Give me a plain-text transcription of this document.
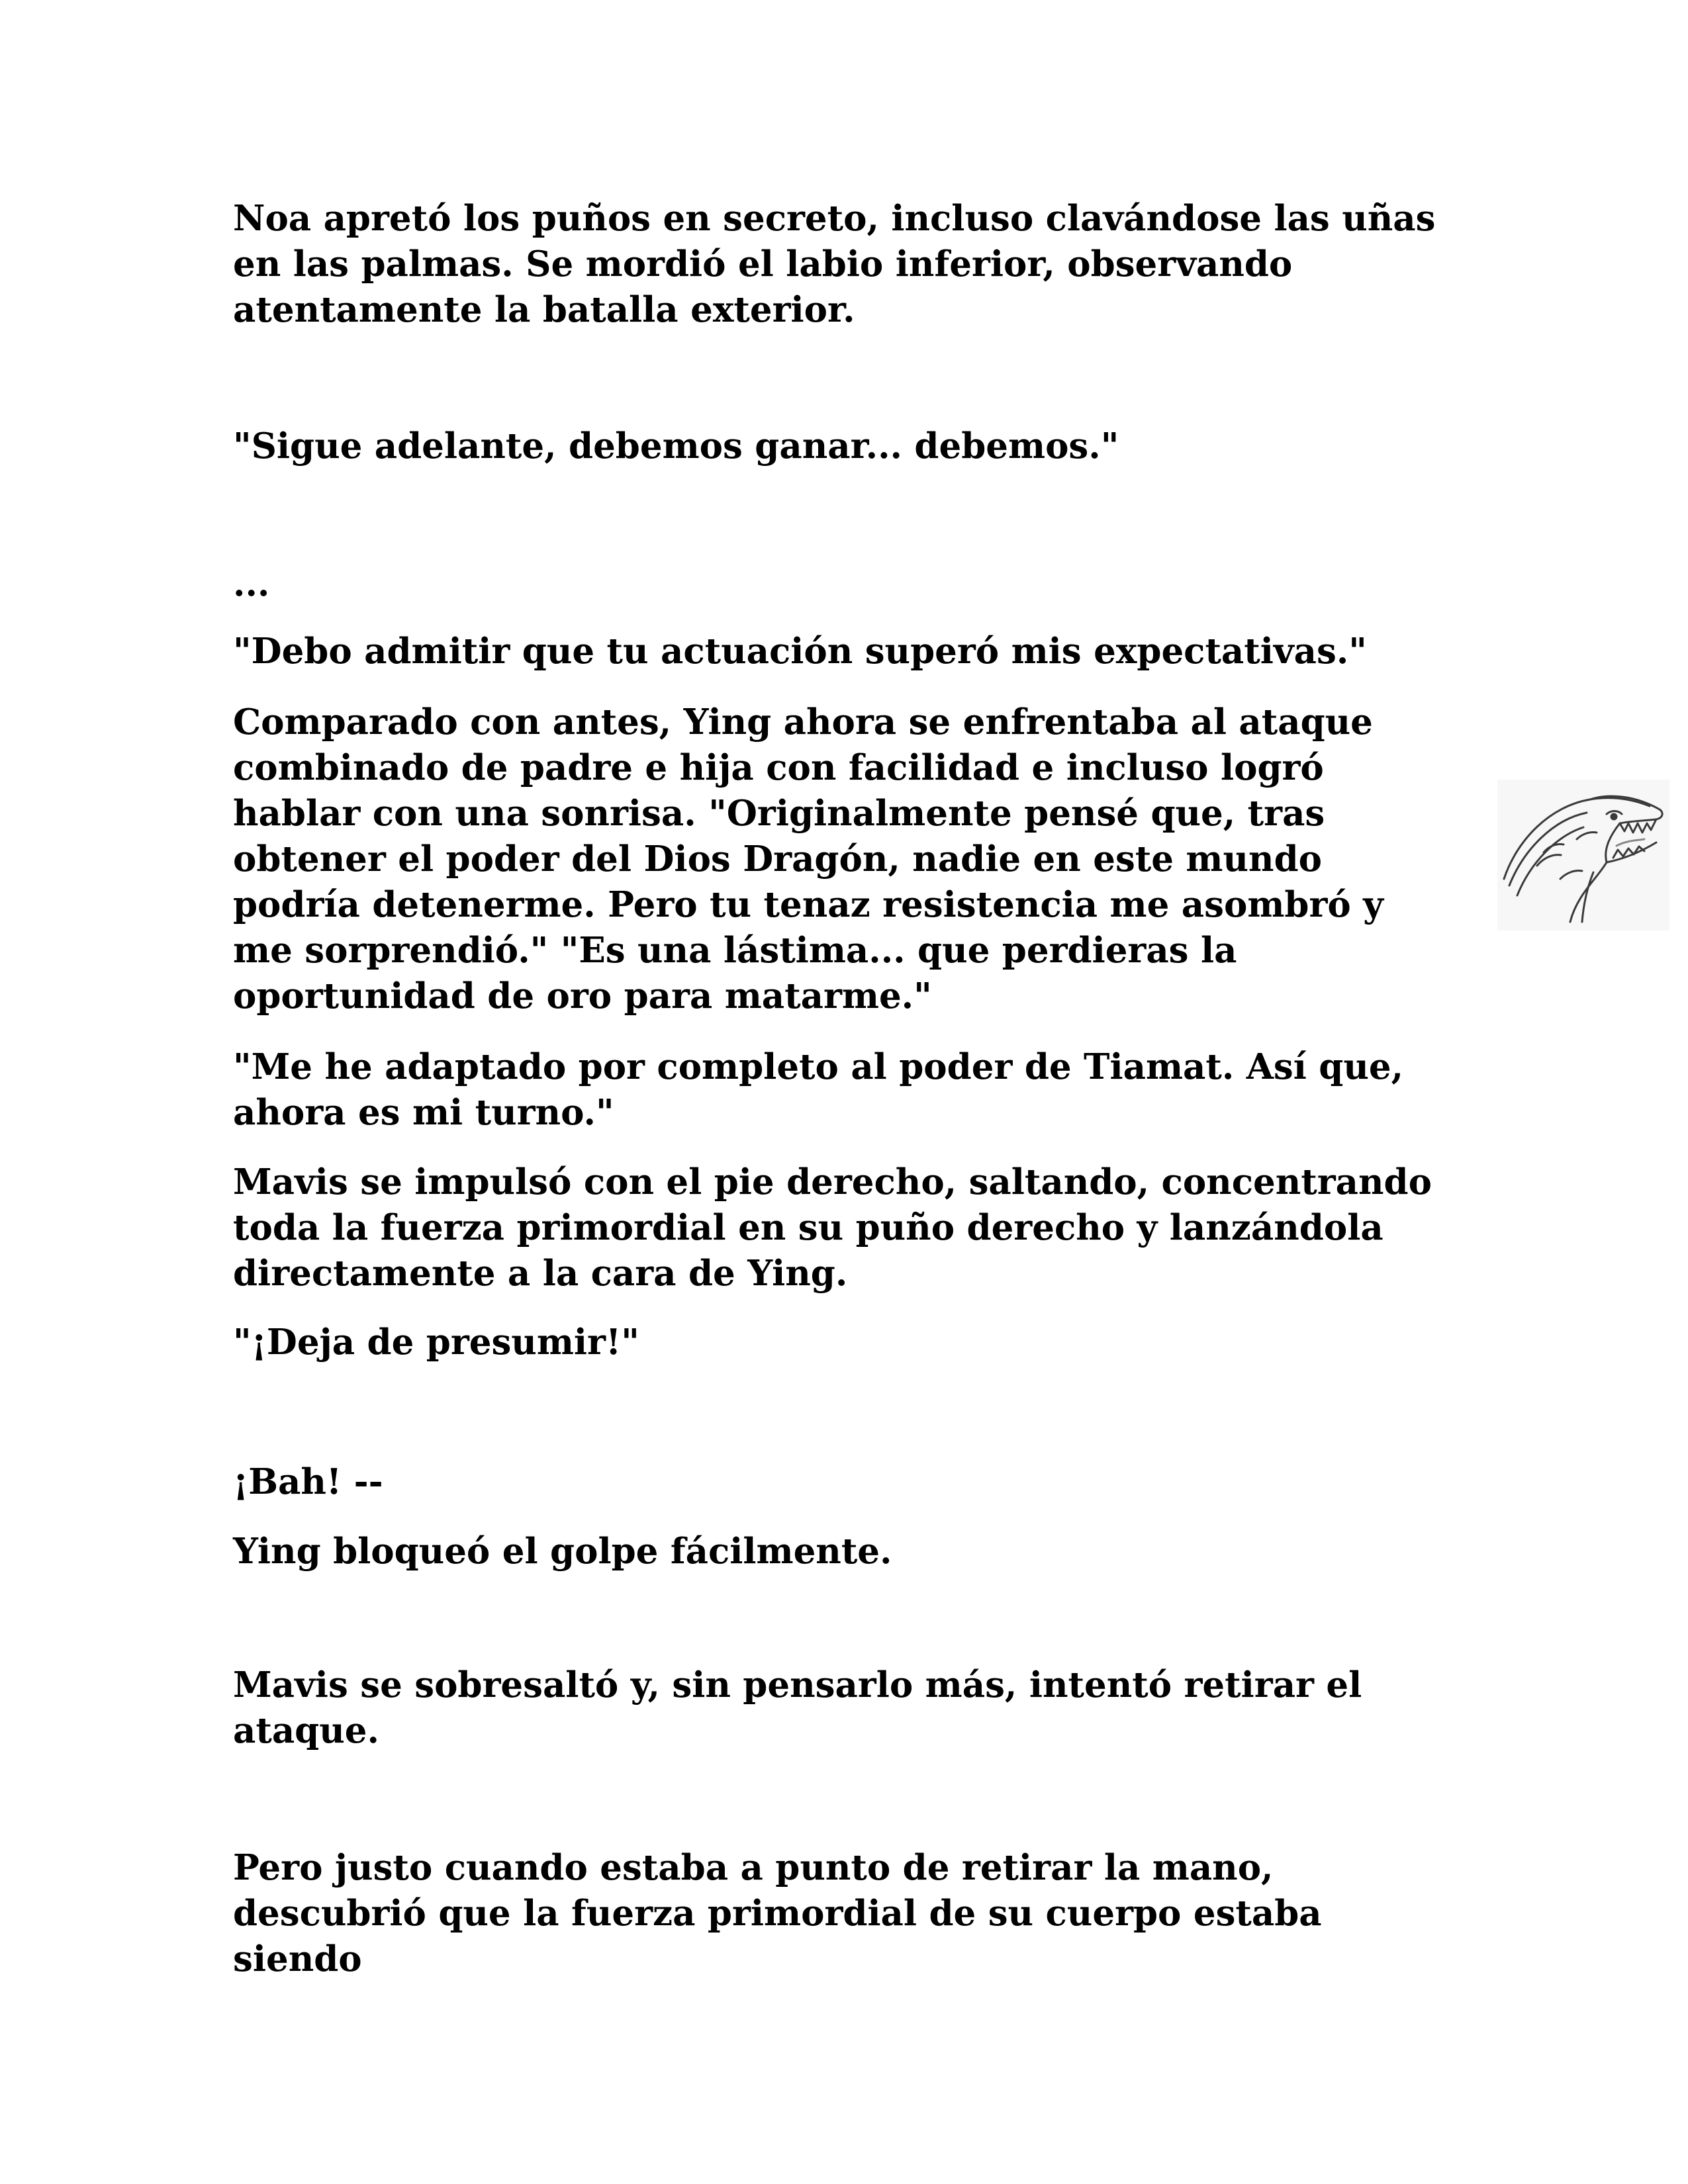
Noa apretó los puños en secreto, incluso clavándose las uñas en las palmas. Se mordió el labio inferior, observando atentamente la batalla exterior.

"Sigue adelante, debemos ganar... debemos."

...

"Debo admitir que tu actuación superó mis expectativas."

Comparado con antes, Ying ahora se enfrentaba al ataque combinado de padre e hija con facilidad e incluso logró hablar con una sonrisa. "Originalmente pensé que, tras obtener el poder del Dios Dragón, nadie en este mundo podría detenerme. Pero tu tenaz resistencia me asombró y me sorprendió." "Es una lástima... que perdieras la oportunidad de oro para matarme."

"Me he adaptado por completo al poder de Tiamat. Así que, ahora es mi turno."

Mavis se impulsó con el pie derecho, saltando, concentrando toda la fuerza primordial en su puño derecho y lanzándola directamente a la cara de Ying.

"¡Deja de presumir!"

¡Bah! --

Ying bloqueó el golpe fácilmente.

Mavis se sobresaltó y, sin pensarlo más, intentó retirar el ataque.

Pero justo cuando estaba a punto de retirar la mano, descubrió que la fuerza primordial de su cuerpo estaba siendo
